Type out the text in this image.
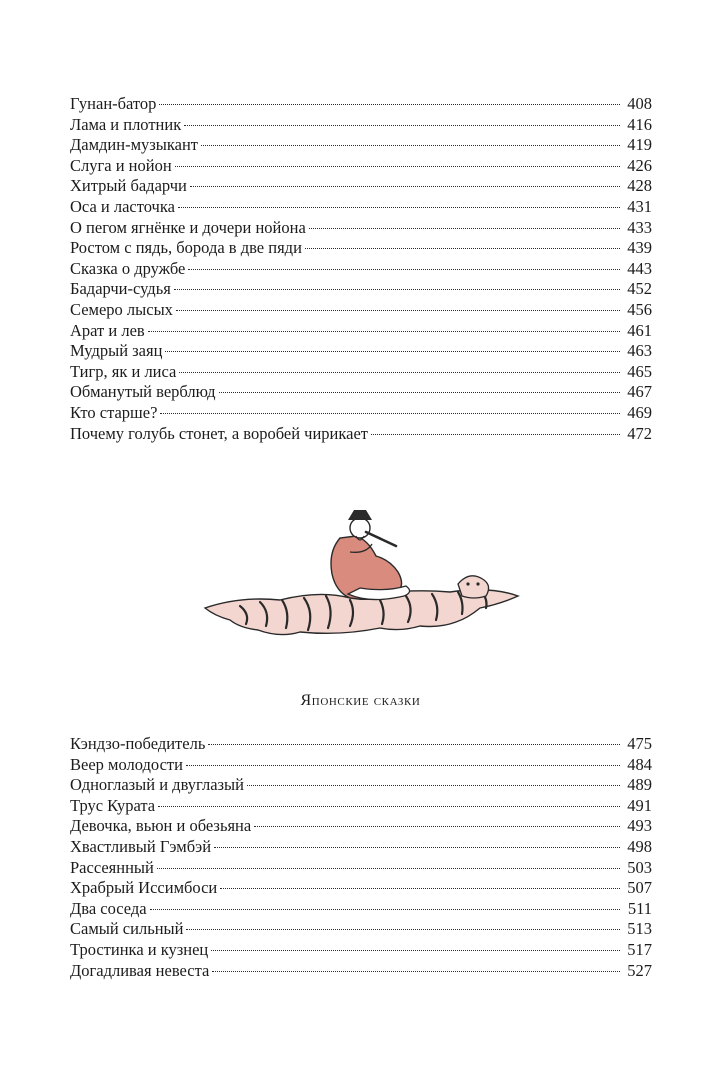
Гунан-батор	408
Лама и плотник	416
Дамдин-музыкант	419
Слуга и нойон	426
Хитрый бадарчи	428
Оса и ласточка	431
О пегом ягнёнке и дочери нойона	433
Ростом с пядь, борода в две пяди	439
Сказка о дружбе	443
Бадарчи-судья	452
Семеро лысых	456
Арат и лев	461
Мудрый заяц	463
Тигр, як и лиса	465
Обманутый верблюд	467
Кто старше?	469
Почему голубь стонет, а воробей чирикает	472
Японские сказки
Кэндзо-победитель	475
Веер молодости	484
Одноглазый и двуглазый	489
Трус Курата	491
Девочка, вьюн и обезьяна	493
Хвастливый Гэмбэй	498
Рассеянный	503
Храбрый Иссимбоси	507
Два соседа	511
Самый сильный	513
Тростинка и кузнец	517
Догадливая невеста	527
